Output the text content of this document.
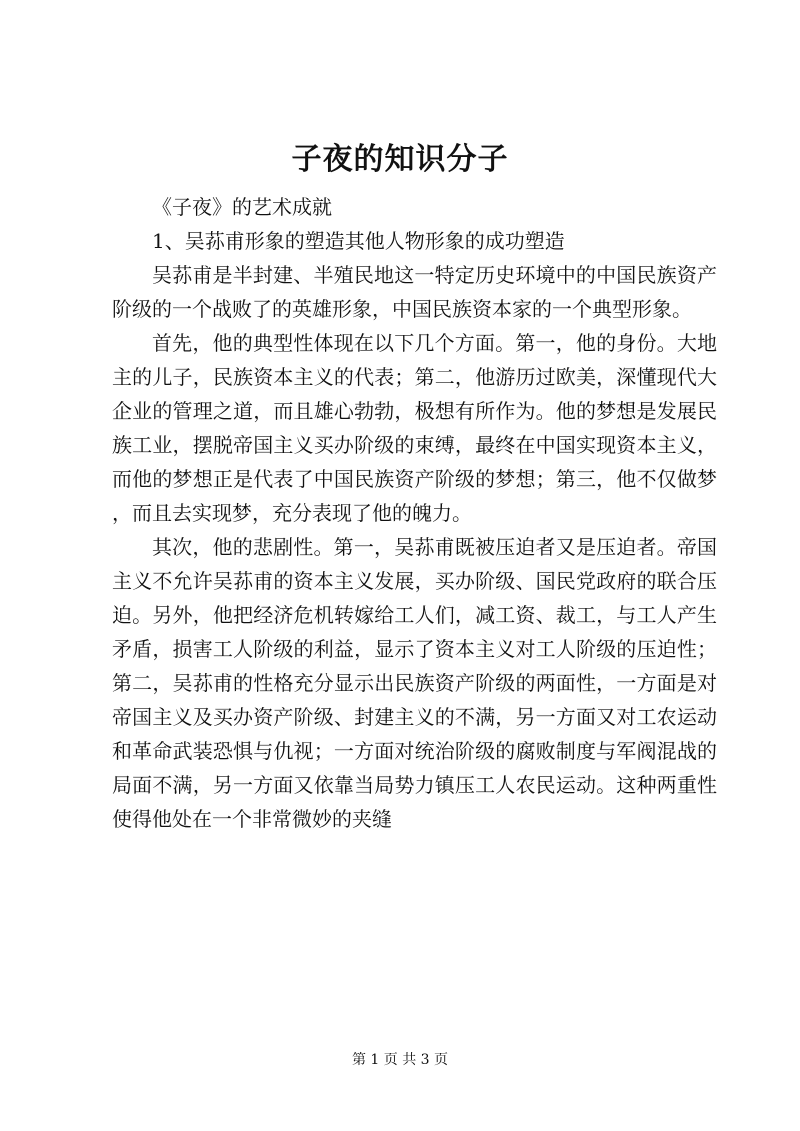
子夜的知识分子

《子夜》的艺术成就

1、吴荪甫形象的塑造其他人物形象的成功塑造

吴荪甫是半封建、半殖民地这一特定历史环境中的中国民族资产阶级的一个战败了的英雄形象，中国民族资本家的一个典型形象。

首先，他的典型性体现在以下几个方面。第一，他的身份。大地主的儿子，民族资本主义的代表；第二，他游历过欧美，深懂现代大企业的管理之道，而且雄心勃勃，极想有所作为。他的梦想是发展民族工业，摆脱帝国主义买办阶级的束缚，最终在中国实现资本主义，而他的梦想正是代表了中国民族资产阶级的梦想；第三，他不仅做梦，而且去实现梦，充分表现了他的魄力。

其次，他的悲剧性。第一，吴荪甫既被压迫者又是压迫者。帝国主义不允许吴荪甫的资本主义发展，买办阶级、国民党政府的联合压迫。另外，他把经济危机转嫁给工人们，减工资、裁工，与工人产生矛盾，损害工人阶级的利益，显示了资本主义对工人阶级的压迫性；第二，吴荪甫的性格充分显示出民族资产阶级的两面性，一方面是对帝国主义及买办资产阶级、封建主义的不满，另一方面又对工农运动和革命武装恐惧与仇视；一方面对统治阶级的腐败制度与军阀混战的局面不满，另一方面又依靠当局势力镇压工人农民运动。这种两重性使得他处在一个非常微妙的夹缝

第 1 页 共 3 页
